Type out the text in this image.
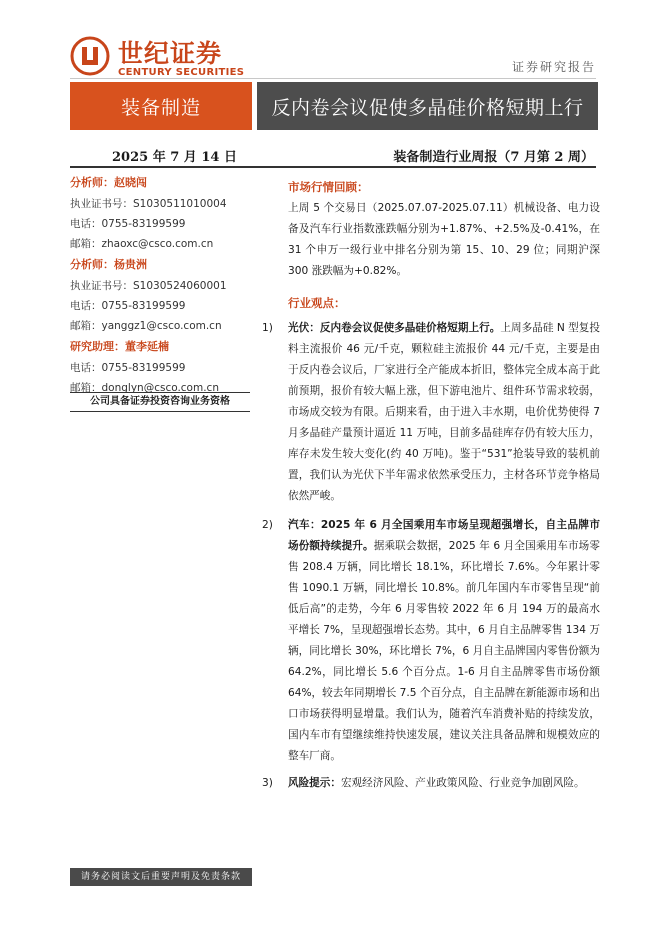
世纪证券
CENTURY SECURITIES	证券研究报告
装备制造	反内卷会议促使多晶硅价格短期上行
2025 年 7 月 14 日	装备制造行业周报（7 月第 2 周）
分析师：赵晓闯
执业证书号：S1030511010004
电话：0755-83199599
邮箱：zhaoxc@csco.com.cn
分析师：杨贵洲
执业证书号：S1030524060001
电话：0755-83199599
邮箱：yanggz1@csco.com.cn
研究助理：董李延楠
电话：0755-83199599
邮箱：donglyn@csco.com.cn
公司具备证券投资咨询业务资格
请务必阅读文后重要声明及免责条款
市场行情回顾：

上周 5 个交易日（2025.07.07-2025.07.11）机械设备、电力设备及汽车行业指数涨跌幅分别为+1.87%、+2.5%及-0.41%，在 31 个申万一级行业中排名分别为第 15、10、29 位；同期沪深 300 涨跌幅为+0.82%。

行业观点：
1) 光伏：反内卷会议促使多晶硅价格短期上行。上周多晶硅 N 型复投料主流报价 46 元/千克，颗粒硅主流报价 44 元/千克，主要是由于反内卷会议后，厂家进行全产能成本折旧，整体完全成本高于此前预期，报价有较大幅上涨，但下游电池片、组件环节需求较弱，市场成交较为有限。后期来看，由于进入丰水期，电价优势使得 7 月多晶硅产量预计逼近 11 万吨，目前多晶硅库存仍有较大压力，库存未发生较大变化(约 40 万吨)。鉴于“531”抢装导致的装机前置，我们认为光伏下半年需求依然承受压力，主材各环节竞争格局依然严峻。
2) 汽车：2025 年 6 月全国乘用车市场呈现超强增长，自主品牌市场份额持续提升。据乘联会数据，2025 年 6 月全国乘用车市场零售 208.4 万辆，同比增长 18.1%，环比增长 7.6%。今年累计零售 1090.1 万辆，同比增长 10.8%。前几年国内车市零售呈现“前低后高”的走势，今年 6 月零售较 2022 年 6 月 194 万的最高水平增长 7%，呈现超强增长态势。其中，6 月自主品牌零售 134 万辆，同比增长 30%，环比增长 7%，6 月自主品牌国内零售份额为 64.2%，同比增长 5.6 个百分点。1-6 月自主品牌零售市场份额 64%，较去年同期增长 7.5 个百分点，自主品牌在新能源市场和出口市场获得明显增量。我们认为，随着汽车消费补贴的持续发放，国内车市有望继续维持快速发展，建议关注具备品牌和规模效应的整车厂商。
3) 风险提示：宏观经济风险、产业政策风险、行业竞争加剧风险。
